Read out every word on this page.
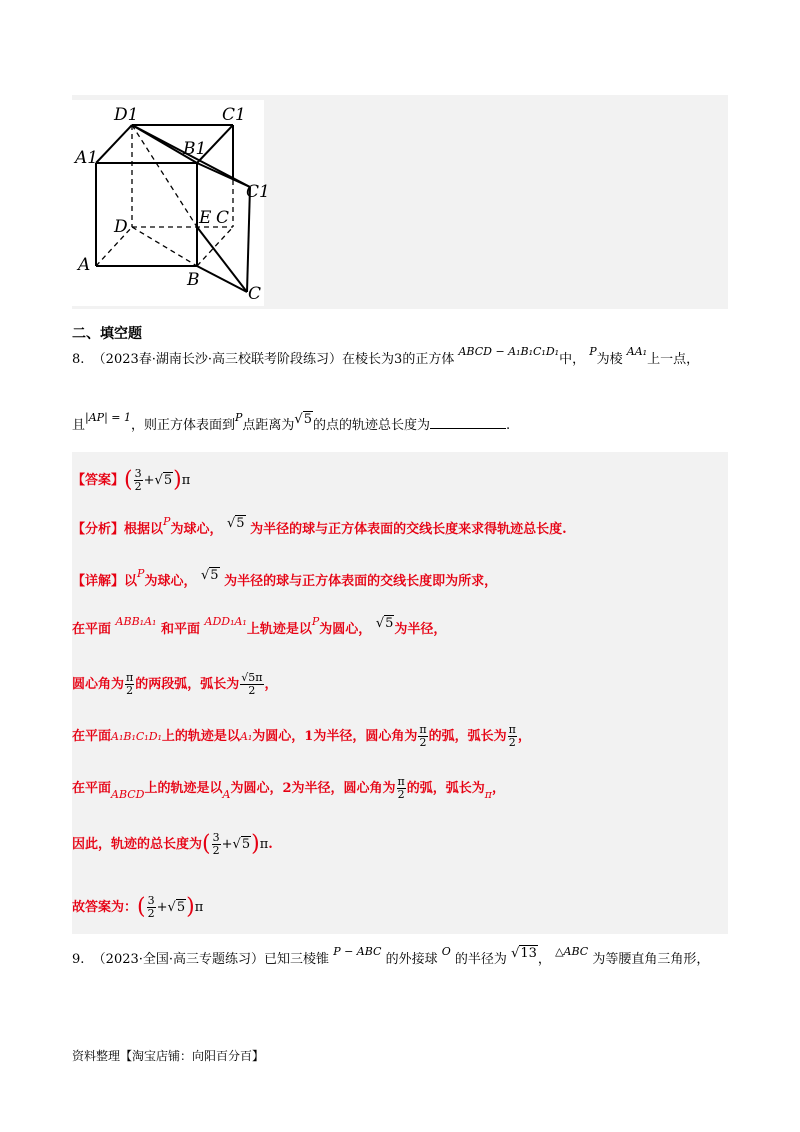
D1	C1
A1	B1
C1
D	E C
A
B
C
二、填空题
8. （2023春·湖南长沙·高三校联考阶段练习）在棱长为3的正方体 $^{ABCD - A_1B_1C_1D_1}$中， $^P$为棱 $^{AA_1}$上一点，
且$^{|AP| = 1}$，则正方体表面到$^P$点距离为√5的点的轨迹总长度为	.
【答案】( $\frac{3}{2} +√5)\pi$
【分析】根据以$^P$为球心， √5 为半径的球与正方体表面的交线长度来求得轨迹总长度.
【详解】以$^P$为球心， √5 为半径的球与正方体表面的交线长度即为所求，
在平面 $^{ABB_1A_1}$ 和平面 $^{ADD_1A_1}$上轨迹是以$^P$为圆心， √5为半径，
圆心角为 $\frac{\pi}{2}$ 的两段弧，弧长为 $\frac{√5\pi}{2}$ ，
在平面A₁B₁C₁D₁上的轨迹是以A₁为圆心，1为半径，圆心角为 $\frac{\pi}{2}$ 的弧，弧长为 $\frac{\pi}{2}$ ，
在平面$_{ABCD}$上的轨迹是以$_A$为圆心，2为半径，圆心角为 $\frac{\pi}{2}$ 的弧，弧长为$_\pi$，
因此，轨迹的总长度为( $\frac{3}{2} +√5)\pi$.
故答案为：( $\frac{3}{2} +√5)\pi$
9. （2023·全国·高三专题练习）已知三棱锥 $^{P - ABC}$ 的外接球 $^O$ 的半径为 √13， $^{\triangle ABC}$ 为等腰直角三角形，
资料整理【淘宝店铺：向阳百分百】
